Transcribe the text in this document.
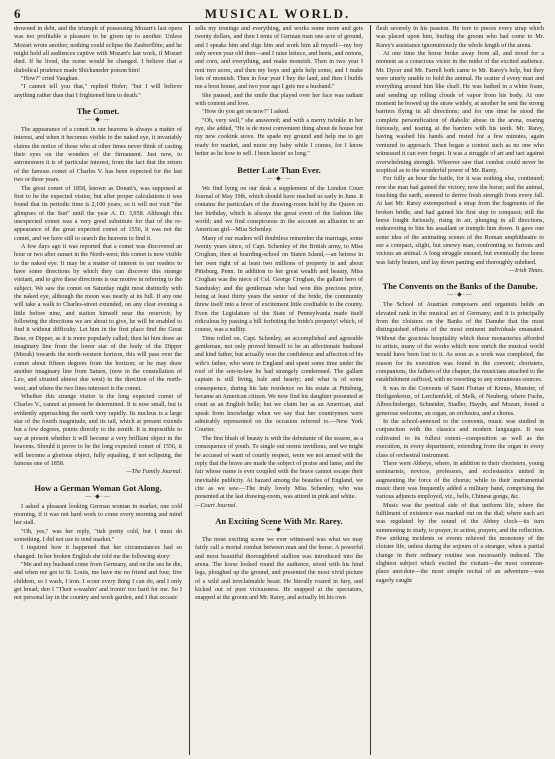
6	MUSICAL WORLD.

drowned in debt, and the triumph of possessing Mozart's last opera was too profitable a pleasure to be given up to another. Unless Mozart wrote another, nothing could eclipse the Zauberflöte; and he might hold all audiences captive with Mozart's last work, if Mozart died. If he lived, the scene would be changed. I believe that a diabolical prudence made Shickaneder poison him!

"How?" cried Vaughan.

"I cannot tell you that," replied Hofer; "but I will believe anything rather than that I frightened him to death."

The Comet.
—·◆·—

The appearance of a comet in our heavens is always a matter of interest, and when it becomes visible to the naked eye, it invariably claims the notice of those who at other times never think of casting their eyes on the wonders of the firmament. Just now, to astronomers it is of particular interest, from the fact that the return of the famous comet of Charles V. has been expected for the last two or three years.

The great comet of 1858, known as Donati's, was supposed at first to be the expected visitor, but after proper calculations it was found that its periodic time is 2,100 years, so it will not visit "the glimpses of the Sun" until the year A. D. 3,958. Although this unexpected comet was a very good substitute for that of the re-appearance of the great expected comet of 1556, it was not the comet, and we have still to search the heavens to find it.

A few days ago it was reported that a comet was discovered an hour or two after sunset in the North-west; this comet is now visible to the naked eye. It may be a matter of interest to our readers to have some directions by which they can discover this strange visitant, and to give these directions is our motive in referring to the subject. We saw the comet on Saturday night most distinctly with the naked eye, although the moon was nearly at its full. If any one will take a walk to Charles-street extended, on any clear evening a little before nine, and station himself near the reservoir, by following the directions we are about to give, he will be enabled to find it without difficulty. Let him in the first place find the Great Bear, or Dipper, as it is more popularly called; then let him draw an imaginary line from the lower star of the body of the Dipper (Merak) towards the north-western horizon, this will pass over the comet about fifteen degrees from the horizon; or he may draw another imaginary line from Saturn, (now in the constellation of Leo, and situated almost due west) in the direction of the north-west, and where the two lines intersect is the comet.

Whether this strange visitor is the long expected comet of Charles V., cannot at present be determined. It is now small, but is evidently approaching the earth very rapidly. Its nucleus is a large star of the fourth magnitude, and its tail, which at present extends but a few degrees, points directly to the zenith. It is impossible to say at present whether it will become a very brilliant object in the heavens. Should it prove to be the long expected comet of 1556, it will become a glorious object, fully equaling, if not eclipsing, the famous one of 1858.

—The Family Journal.

How a German Woman Got Along.
—·◆·—

I asked a pleasant looking German woman in market, one cold morning, if it was not hard work to come every morning and mind her stall.

"Oh, yes," was her reply, "tish pretty cold, but I must do something. I did not use to tend market."

I inquired how it happened that her circumstances had so changed. In her broken English she told me the following story:

"Me and my husband come from Germany, and on the sea he die, and when me got to St. Louis, me have me no friend and four, five children, so I wash, I iron. I scour every thing I can do, and I only get bread; den I "Their s-washin' and ironin' too hard for me. So I not personal lay in the country and work garden, and I that occasic

sells my ironings and everything, and works some more and gets twenty dollars, and then I rents of German man one acre of ground, and I speaks him and digs him and work him all myself—my boy only seven year old then—and I raise lettuce, and beets, and onions, and corn, and everything, and make moneish. Then in two year I rent two acres, and then my boys and girls help some, and I make lots of moneish. Then in four year I buy the land, and then I builds me a boot house, and two year ago I gets me a husband."

She paused, and the smile that played over her face was radiant with content and love.

"How do you get on now?" I asked.

"Oh, very well," she answered; and with a merry twinkle in her eye, she added, "He is de most convenient thing about de house but my new cookink stove. He spade my ground and help me to get ready for market, and nurse my baby while I comes, for I know better as he how to sell. I been knoin' so long."

Better Late Than Ever.
—·◆·—

We find lying on our desk a supplement of the London Court Journal of May 19th, which should have reached us early in June. It contains the particulars of the drawing-room held by the Queen on her birthday, which is always the great event of the fashion like world; and we find conspicuous in the account an allusion to an American girl—Miss Schenley.

Many of our readers will doubtless remember the marriage, some twenty years since, of Capt. Schenley of the British army, to Miss Croghan, then at boarding-school on Staten Island,—an heiress in her own right of at least two millions of property in and about Pittsburg, Penn. In addition to her great wealth and beauty, Miss Croghan was the niece of Col. George Croghan, the gallant hero of Sandusky; and the gentleman who had won this precious prize, being at least thirty years the senior of the bride, the community threw itself into a fever of excitement little creditable to the county. Even the Legislature of the State of Pennsylvania made itself ridiculous by passing a bill forfeiting the bride's property! which, of course, was a nullity.

Time rolled on. Capt. Schenley, an accomplished and agreeable gentleman, not only proved himself to be an affectionate husband and kind father, but actually won the confidence and affection of his wife's father, who went to England and spent some time under the roof of the son-in-law he had strangely condemned. The gallant captain is still living, hale and hearty; and what is of some consequence, during his late residence on his estate at Pittsburg, became an American citizen. We now find his daughter presented at court as an English belle; but we claim her as an American, and speak from knowledge when we say that her countrymen were admirably represented on the occasion referred to.—New York Courier.

The first blush of beauty is with the debutante of the season, as a consequence of youth. To single out seems invidious, and we might be accused of want of courtly respect, were we not armed with the reply that the brave are made the subject of praise and fame, and the fair whose name is ever coupled with the brave cannot escape their inevitable publicity. At hazard among the beauties of England, we cite as we saw.—The truly lovely Miss Schenley, who was presented at the last drawing-room, was attired in pink and white.

—Court Journal.

An Exciting Scene With Mr. Rarey.
—·◆·—

The most exciting scene we ever witnessed was what we may fairly call a mortal combat between man and the horse. A powerful and most beautiful thoroughbred stallion was introduced into the arena. The horse looked round the audience, stood with his hind legs, ploughed up the ground, and presented the most vivid picture of a wild and irreclaimable beast. He literally roared in fury, and kicked out of pure viciousness. He snapped at the spectators, snapped at the groom and Mr. Rarey, and actually bit his own

flesh severely in his passion. He tore to pieces every strap which was placed upon him, hurling the groom who had come to Mr. Rarey's assistance ignominiously the whole length of the arena.

At one time the horse broke away from all, and stood for a moment as a conscious victor in the midst of the excited audience. Mr. Dycer and Mr. Farrell both came to Mr. Rarey's help, but they were utterly unable to hold the animal. He scatter d every man and everything around him like chaff. He was bathed in a white foam, and sending up rolling clouds of vapor from his body. At one moment he bowed up the straw widely, at another he sent the strong barriers flying in all directions; and for one time he stood the complete personification of diabolic abuse in the arena, roaring furiously, and tearing at the barriers with his teeth. Mr. Rarey, having washed his hands and rested for a few minutes, again ventured to approach. Then began a contest such as no one who witnessed it can ever forget. It was a struggle of art and tact against overwhelming strength. Whoever saw that combat could never be sceptical as to the wonderful power of Mr. Rarey.

For fully an hour the battle, for it was nothing else, continued; now the man had gained the victory, now the horse; and the animal, touching the earth, seemed to derive fresh strength from every fall. At last Mr. Rarey extemporised a strap from the fragments of the broken bridle, and had gained his first step to conquest; still the horse fought furiously, rising in air, plunging in all directions, endeavoring to bite his assailant or trample him down. It gave one some idea of the animating scenes of the Roman amphitheatre to see a compact, slight, but sinewy man, confronting so furious and vicious an animal. A long struggle ensued, but eventually the horse was fairly beaten, and lay down panting and thoroughly subdued.

—Irish Times.

The Convents on the Banks of the Danube.
—·◆·—

The School of Austrian composers and organists holds an elevated rank in the musical art of Germany; and it is principally from the cloisters on the Banks of the Danube that the most distinguished efforts of the most eminent individuals emanated. Without the gracious hospitality which these monasteries afforded to artists, many of the works which now enrich the musical world would have been lost to it. As soon as a work was completed, the reason for its execution was found in the convent; choristers, companions, the fathers of the chapter, the musicians attached to the establishment sufficed, with no resorting to any extraneous sources.

It was in the Convents of Saint Florian of Krems, Munster, of Heiligenkreuz, of Lerchenfeld, of Melk, of Neuberg, where Fuchs, Albrechtsberger, Schneider, Stadler, Haydn, and Mozart, found a generous welcome, an organ, an orchestra, and a chorus.

In the school-annexed to the convents, music was studied in conjunction with the classics and modern languages. It was cultivated to its fullest extent—composition as well as the execution, in every department, extending from the organ to every class of orchestral instrument.

There were Abbeys, where, in addition to their choristers, young seminarists, novices, professors, and ecclesiastics united in augmenting the force of the chorus; while to their instrumental music there was frequently added a military band, comprising the various adjuncts employed, viz., bells, Chinese gongs, &c.

Music was the poetical side of that uniform life, where the fulfilment of existence was marked out on the dial; where each act was regulated by the sound of the Abbey clock—its turn summoning to study, to prayer, to action, prayers, and the reflection. Few striking incidents or events relieved the monotony of the cloister life, unless during the sojourn of a stranger, when a partial change in their ordinary routine was necessarily induced. The slightest subject which excited the visitant—the most common-place anecdote—the most simple recital of an adventure—was eagerly caught
